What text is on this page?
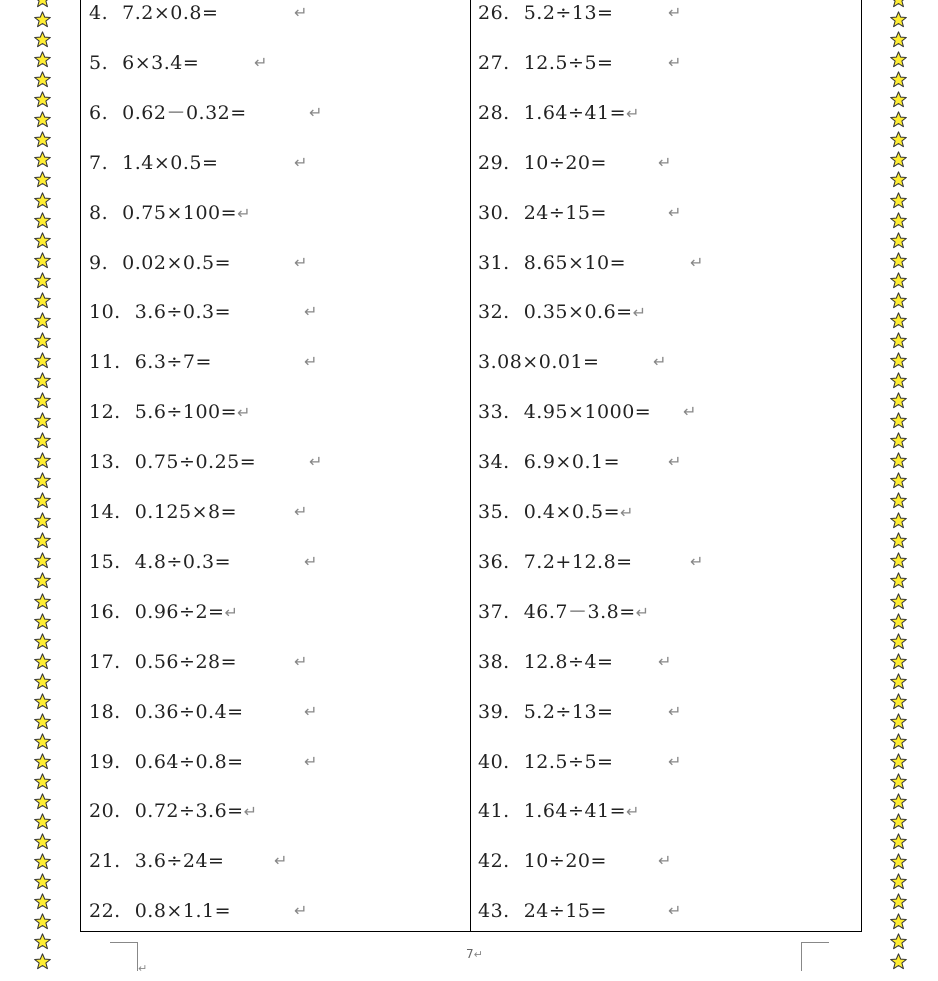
4. 7.2×0.8=	↵
5. 6×3.4=	↵
6. 0.62－0.32=	↵
7. 1.4×0.5=	↵
8. 0.75×100=↵
9. 0.02×0.5=	↵
10. 3.6÷0.3=	↵
11. 6.3÷7=	↵
12. 5.6÷100=↵
13. 0.75÷0.25=	↵
14. 0.125×8=	↵
15. 4.8÷0.3=	↵
16. 0.96÷2=↵
17. 0.56÷28=	↵
18. 0.36÷0.4=	↵
19. 0.64÷0.8=	↵
20. 0.72÷3.6=↵
21. 3.6÷24=	↵
22. 0.8×1.1=	↵
26. 5.2÷13=	↵
27. 12.5÷5=	↵
28. 1.64÷41=↵
29. 10÷20=	↵
30. 24÷15=	↵
31. 8.65×10=	↵
32. 0.35×0.6=↵
3.08×0.01=	↵
33. 4.95×1000= ↵
34. 6.9×0.1=	↵
35. 0.4×0.5=↵
36. 7.2+12.8=	↵
37. 46.7－3.8=↵
38. 12.8÷4=	↵
39. 5.2÷13=	↵
40. 12.5÷5=	↵
41. 1.64÷41=↵
42. 10÷20=	↵
43. 24÷15=	↵
↵
7↵
